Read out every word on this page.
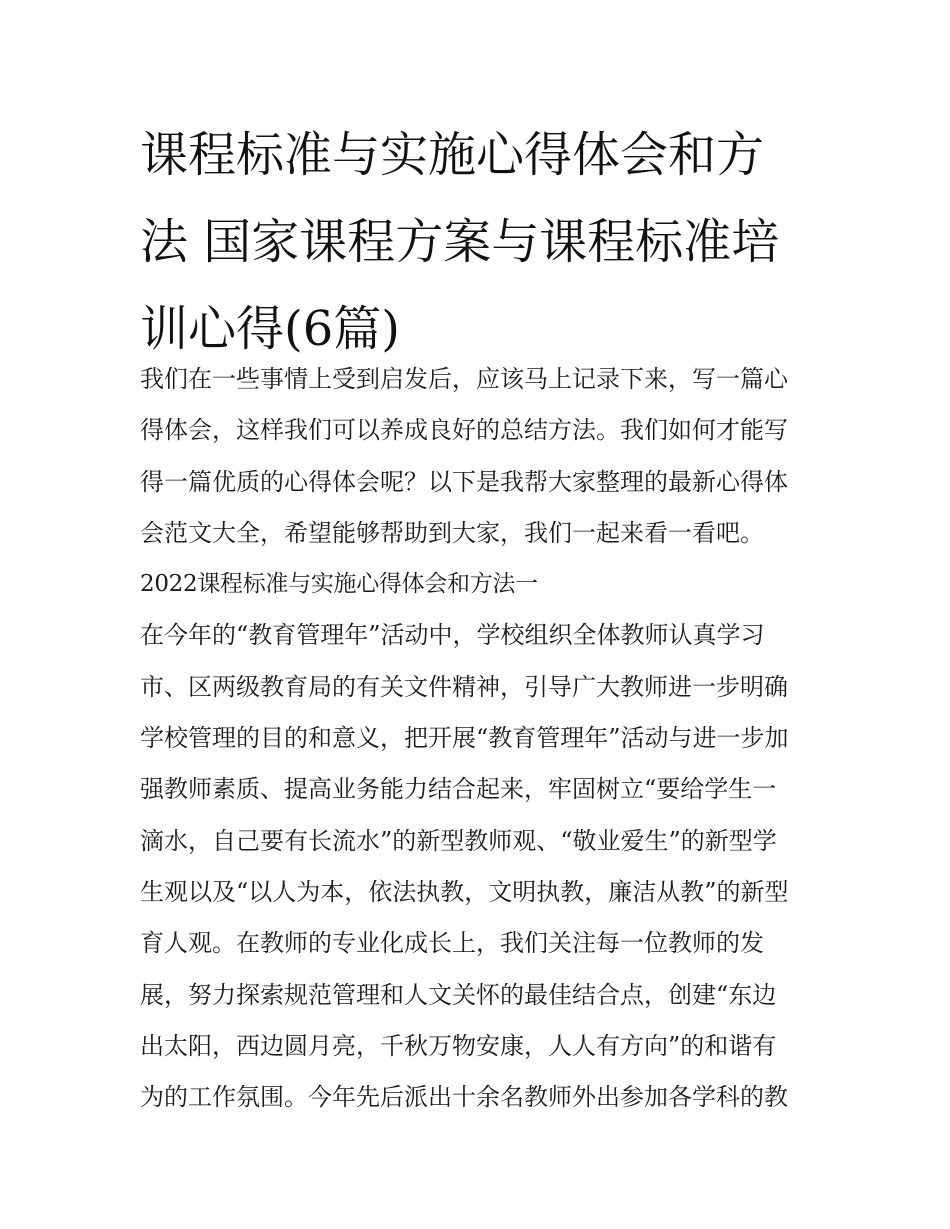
课程标准与实施心得体会和方
法 国家课程方案与课程标准培
训心得(6篇)
我们在一些事情上受到启发后，应该马上记录下来，写一篇心
得体会，这样我们可以养成良好的总结方法。我们如何才能写
得一篇优质的心得体会呢？以下是我帮大家整理的最新心得体
会范文大全，希望能够帮助到大家，我们一起来看一看吧。
2022课程标准与实施心得体会和方法一
在今年的“教育管理年”活动中，学校组织全体教师认真学习
市、区两级教育局的有关文件精神，引导广大教师进一步明确
学校管理的目的和意义，把开展“教育管理年”活动与进一步加
强教师素质、提高业务能力结合起来，牢固树立“要给学生一
滴水，自己要有长流水”的新型教师观、“敬业爱生”的新型学
生观以及“以人为本，依法执教，文明执教，廉洁从教”的新型
育人观。在教师的专业化成长上，我们关注每一位教师的发
展，努力探索规范管理和人文关怀的最佳结合点，创建“东边
出太阳，西边圆月亮，千秋万物安康，人人有方向”的和谐有
为的工作氛围。今年先后派出十余名教师外出参加各学科的教
